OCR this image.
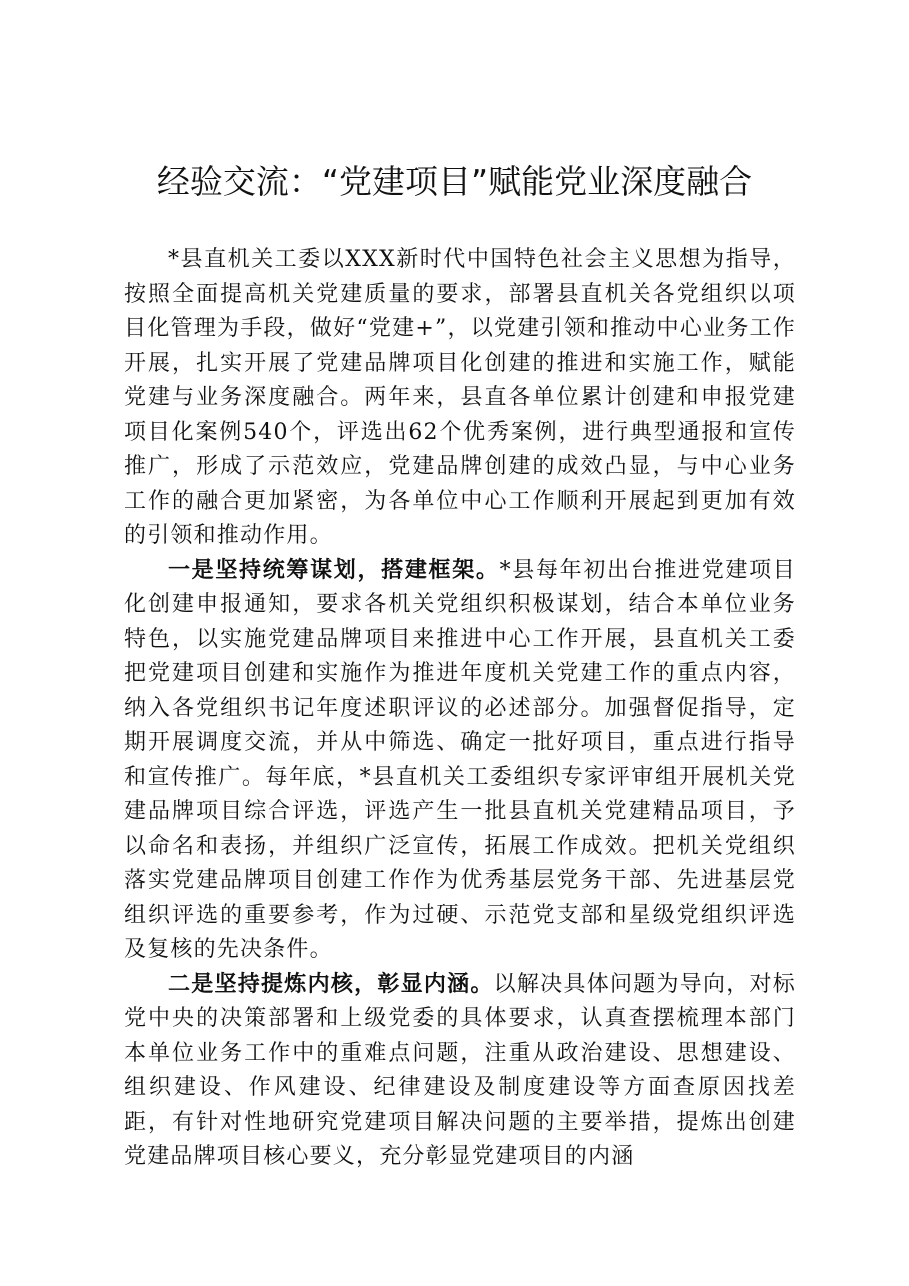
经验交流：“党建项目”赋能党业深度融合

*县直机关工委以XXX新时代中国特色社会主义思想为指导，按照全面提高机关党建质量的要求，部署县直机关各党组织以项目化管理为手段，做好“党建+”，以党建引领和推动中心业务工作开展，扎实开展了党建品牌项目化创建的推进和实施工作，赋能党建与业务深度融合。两年来，县直各单位累计创建和申报党建项目化案例540个，评选出62个优秀案例，进行典型通报和宣传推广，形成了示范效应，党建品牌创建的成效凸显，与中心业务工作的融合更加紧密，为各单位中心工作顺利开展起到更加有效的引领和推动作用。

一是坚持统筹谋划，搭建框架。*县每年初出台推进党建项目化创建申报通知，要求各机关党组织积极谋划，结合本单位业务特色，以实施党建品牌项目来推进中心工作开展，县直机关工委把党建项目创建和实施作为推进年度机关党建工作的重点内容，纳入各党组织书记年度述职评议的必述部分。加强督促指导，定期开展调度交流，并从中筛选、确定一批好项目，重点进行指导和宣传推广。每年底，*县直机关工委组织专家评审组开展机关党建品牌项目综合评选，评选产生一批县直机关党建精品项目，予以命名和表扬，并组织广泛宣传，拓展工作成效。把机关党组织落实党建品牌项目创建工作作为优秀基层党务干部、先进基层党组织评选的重要参考，作为过硬、示范党支部和星级党组织评选及复核的先决条件。

二是坚持提炼内核，彰显内涵。以解决具体问题为导向，对标党中央的决策部署和上级党委的具体要求，认真查摆梳理本部门本单位业务工作中的重难点问题，注重从政治建设、思想建设、组织建设、作风建设、纪律建设及制度建设等方面查原因找差距，有针对性地研究党建项目解决问题的主要举措，提炼出创建党建品牌项目核心要义，充分彰显党建项目的内涵
